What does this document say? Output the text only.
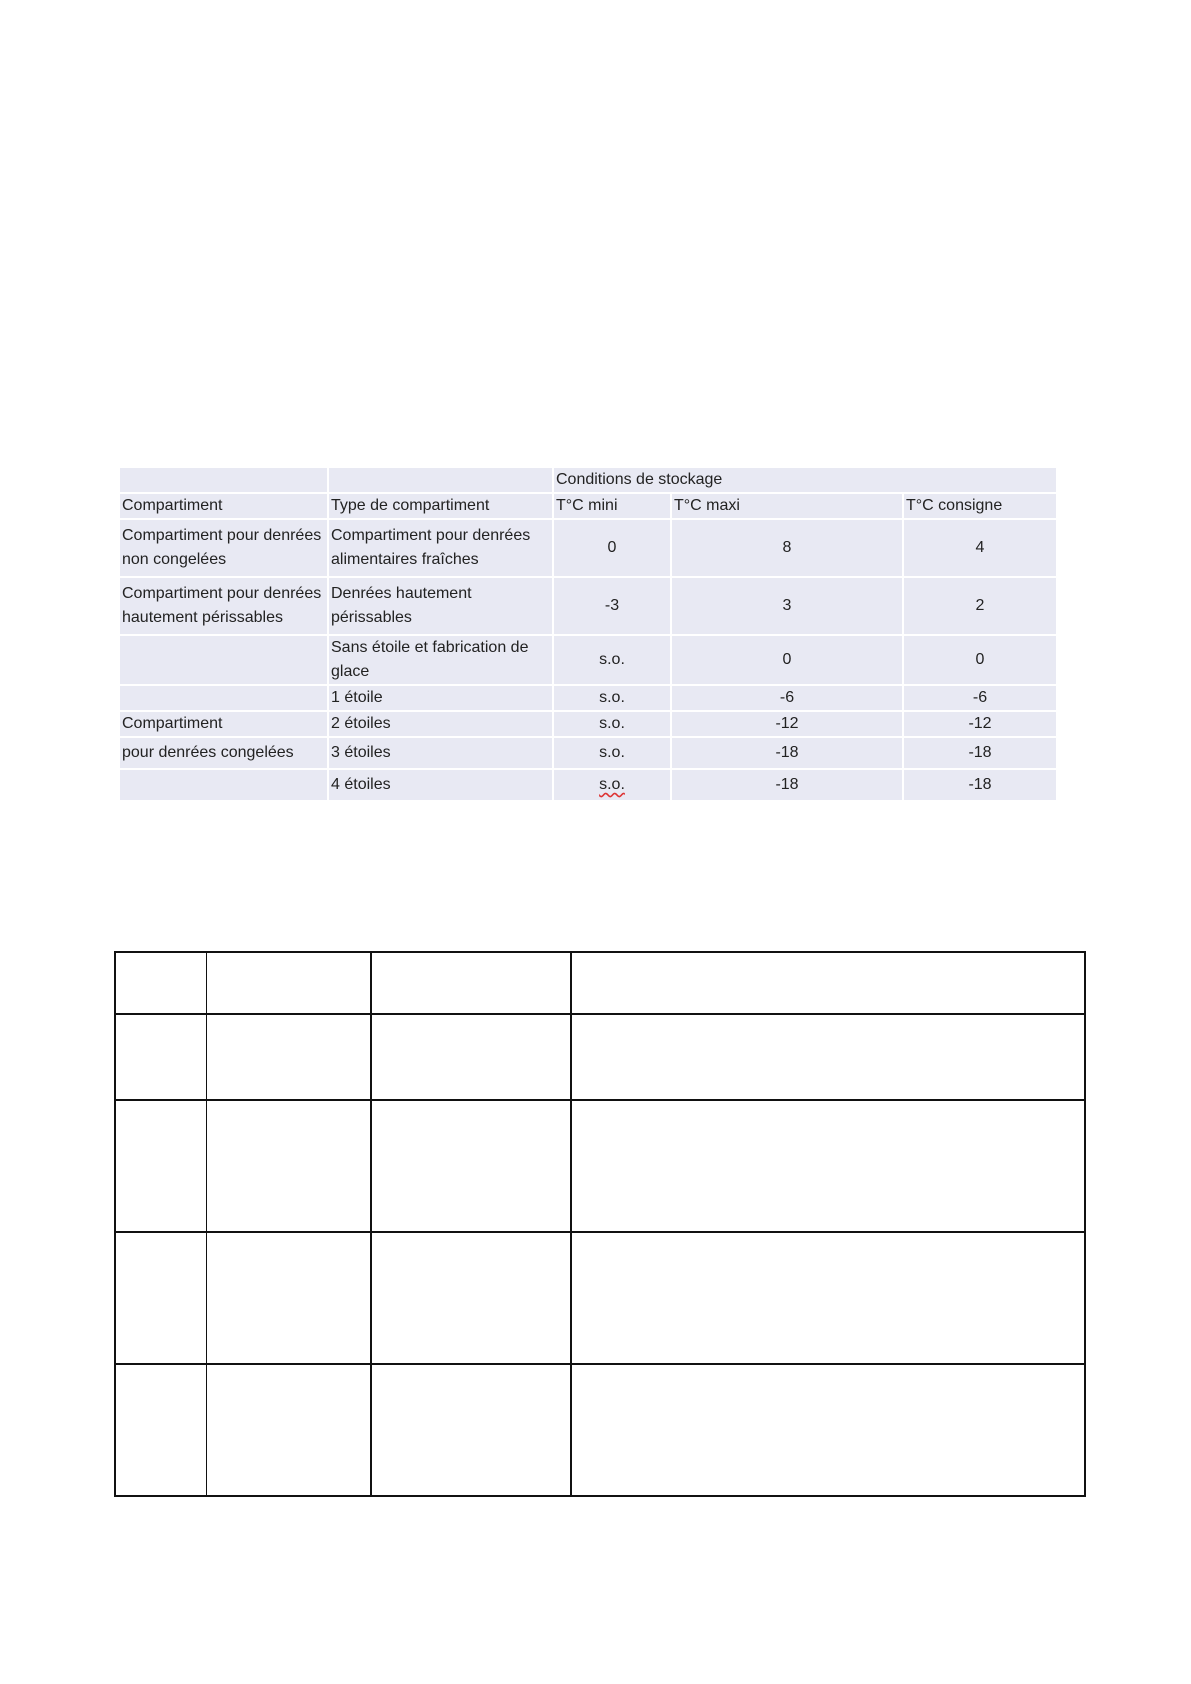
		Conditions de stockage		
Compartiment	Type de compartiment	T°C mini	T°C maxi	T°C consigne
Compartiment pour denrées non congelées	Compartiment pour denrées alimentaires fraîches	0	8	4
Compartiment pour denrées hautement périssables	Denrées hautement périssables	-3	3	2
	Sans étoile et fabrication de glace	s.o.	0	0
	1 étoile	s.o.	-6	-6
Compartiment	2 étoiles	s.o.	-12	-12
pour denrées congelées	3 étoiles	s.o.	-18	-18
	4 étoiles	s.o.	-18	-18
